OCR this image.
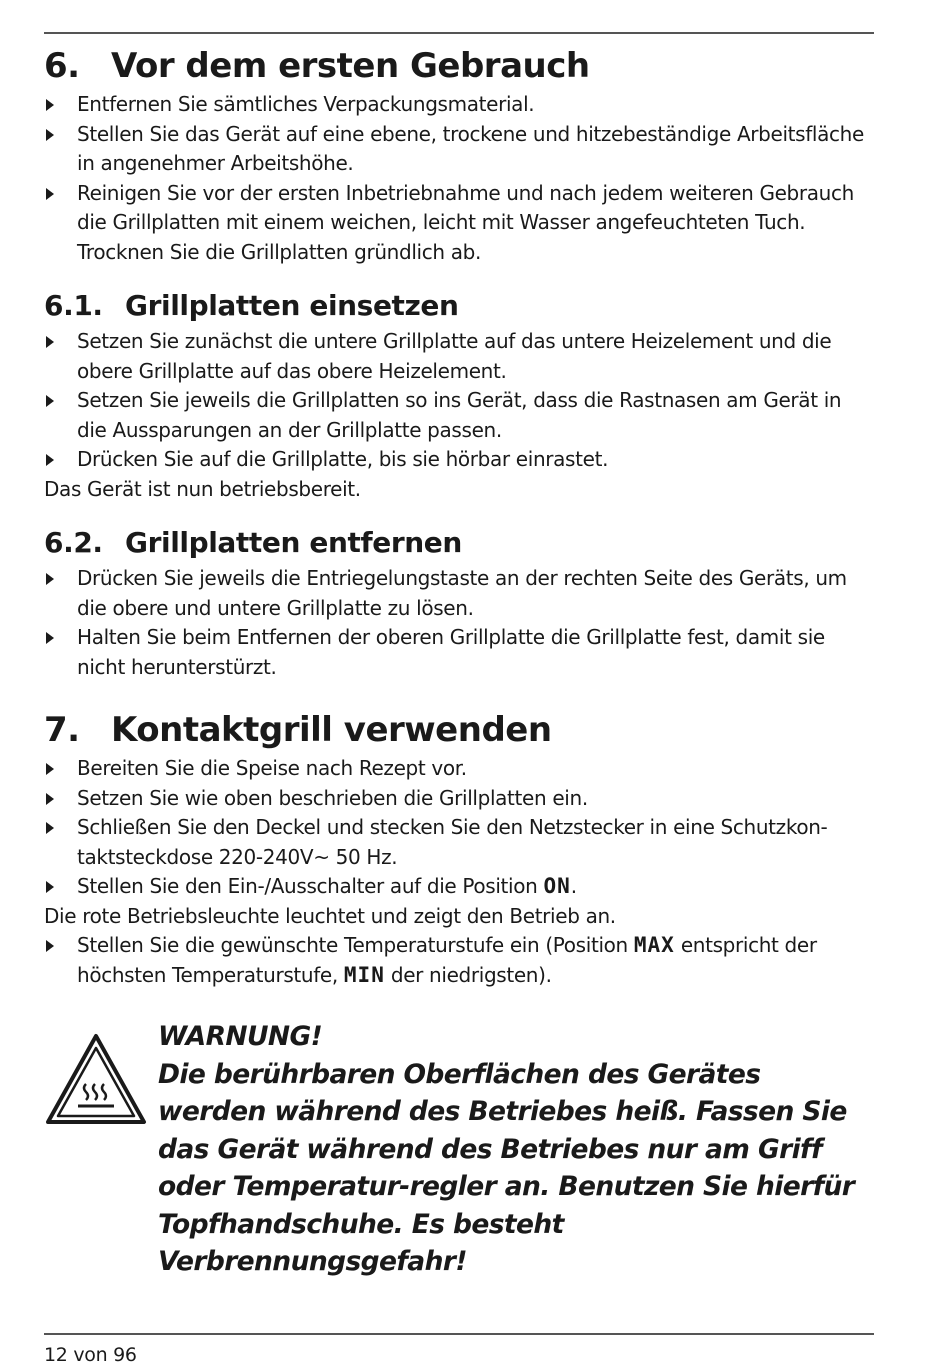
6. Vor dem ersten Gebrauch
Entfernen Sie sämtliches Verpackungsmaterial.
Stellen Sie das Gerät auf eine ebene, trockene und hitzebeständige Arbeitsfläche in angenehmer Arbeitshöhe.
Reinigen Sie vor der ersten Inbetriebnahme und nach jedem weiteren Gebrauch die Grillplatten mit einem weichen, leicht mit Wasser angefeuchteten Tuch. Trocknen Sie die Grillplatten gründlich ab.
6.1. Grillplatten einsetzen
Setzen Sie zunächst die untere Grillplatte auf das untere Heizelement und die obere Grillplatte auf das obere Heizelement.
Setzen Sie jeweils die Grillplatten so ins Gerät, dass die Rastnasen am Gerät in die Aussparungen an der Grillplatte passen.
Drücken Sie auf die Grillplatte, bis sie hörbar einrastet.

Das Gerät ist nun betriebsbereit.

6.2. Grillplatten entfernen
Drücken Sie jeweils die Entriegelungstaste an der rechten Seite des Geräts, um die obere und untere Grillplatte zu lösen.
Halten Sie beim Entfernen der oberen Grillplatte die Grillplatte fest, damit sie nicht herunterstürzt.
7. Kontaktgrill verwenden
Bereiten Sie die Speise nach Rezept vor.
Setzen Sie wie oben beschrieben die Grillplatten ein.
Schließen Sie den Deckel und stecken Sie den Netzstecker in eine Schutzkon-taktsteckdose 220-240V~ 50 Hz.
Stellen Sie den Ein-/Ausschalter auf die Position ON.

Die rote Betriebsleuchte leuchtet und zeigt den Betrieb an.

Stellen Sie die gewünschte Temperaturstufe ein (Position MAX entspricht der höchsten Temperaturstufe, MIN der niedrigsten).
WARNUNG!
Die berührbaren Oberflächen des Gerätes werden während des Betriebes heiß. Fassen Sie das Gerät während des Betriebes nur am Griff oder Temperatur-regler an. Benutzen Sie hierfür Topfhandschuhe. Es besteht Verbrennungsgefahr!
12 von 96
